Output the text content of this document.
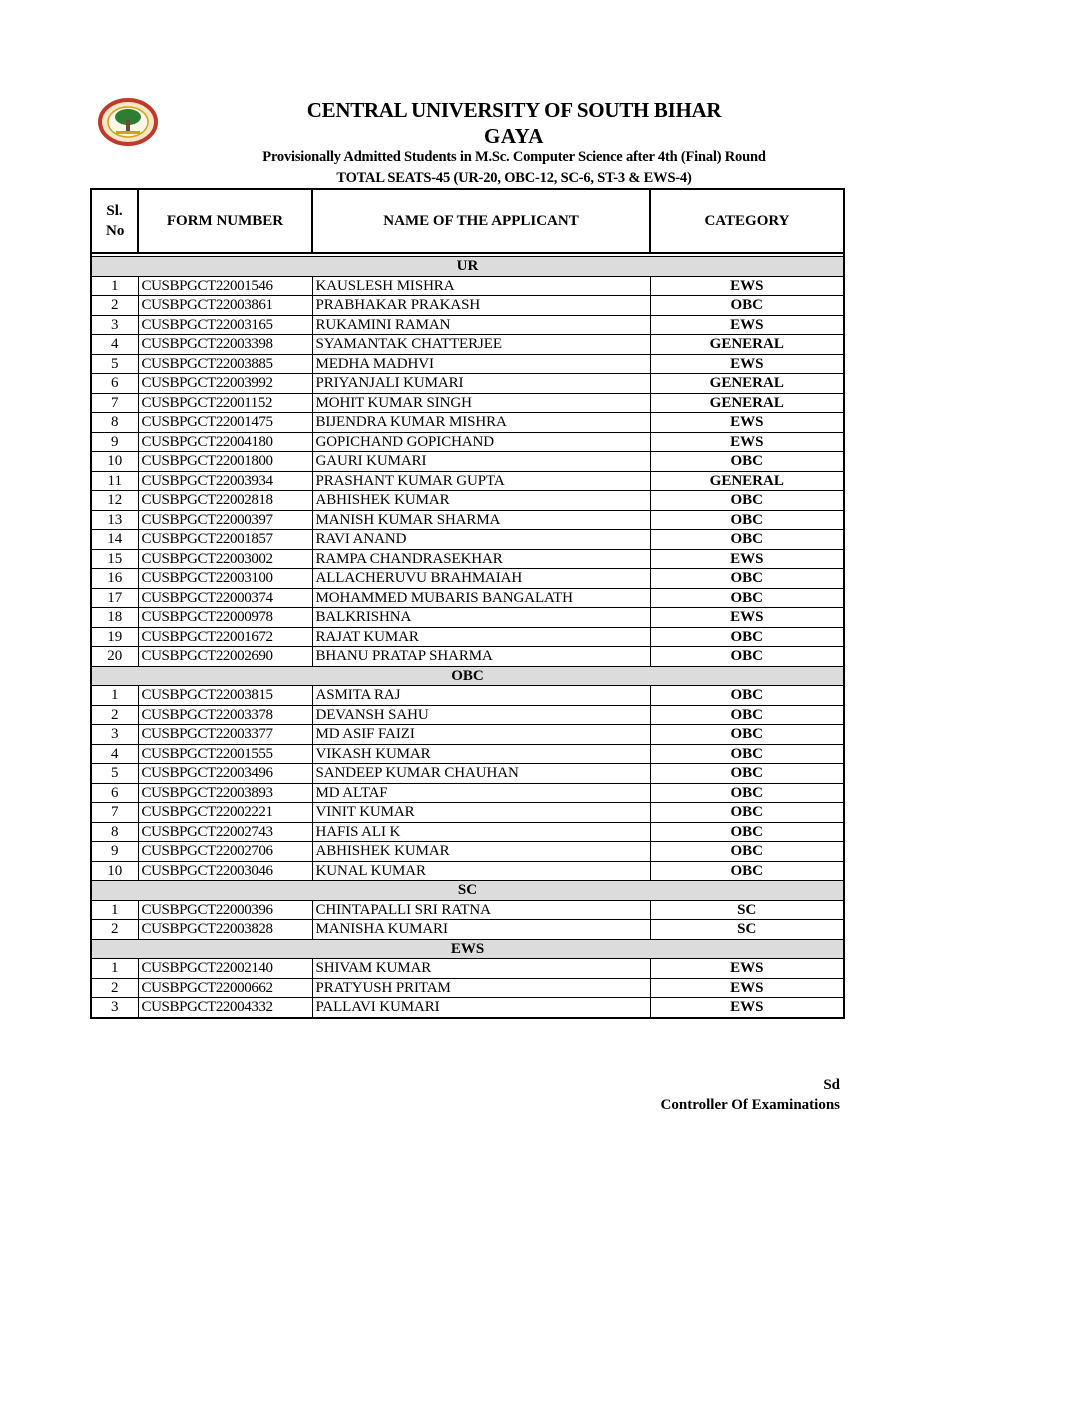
CENTRAL UNIVERSITY OF SOUTH BIHAR
GAYA
Provisionally Admitted Students in M.Sc. Computer Science after 4th (Final) Round
TOTAL SEATS-45 (UR-20, OBC-12, SC-6, ST-3 & EWS-4)
Sl. No	FORM NUMBER	NAME OF THE APPLICANT	CATEGORY

UR			
1	CUSBPGCT22001546	KAUSLESH MISHRA	EWS
2	CUSBPGCT22003861	PRABHAKAR PRAKASH	OBC
3	CUSBPGCT22003165	RUKAMINI RAMAN	EWS
4	CUSBPGCT22003398	SYAMANTAK CHATTERJEE	GENERAL
5	CUSBPGCT22003885	MEDHA MADHVI	EWS
6	CUSBPGCT22003992	PRIYANJALI KUMARI	GENERAL
7	CUSBPGCT22001152	MOHIT KUMAR SINGH	GENERAL
8	CUSBPGCT22001475	BIJENDRA KUMAR MISHRA	EWS
9	CUSBPGCT22004180	GOPICHAND GOPICHAND	EWS
10	CUSBPGCT22001800	GAURI KUMARI	OBC
11	CUSBPGCT22003934	PRASHANT KUMAR GUPTA	GENERAL
12	CUSBPGCT22002818	ABHISHEK KUMAR	OBC
13	CUSBPGCT22000397	MANISH KUMAR SHARMA	OBC
14	CUSBPGCT22001857	RAVI ANAND	OBC
15	CUSBPGCT22003002	RAMPA CHANDRASEKHAR	EWS
16	CUSBPGCT22003100	ALLACHERUVU BRAHMAIAH	OBC
17	CUSBPGCT22000374	MOHAMMED MUBARIS BANGALATH	OBC
18	CUSBPGCT22000978	BALKRISHNA	EWS
19	CUSBPGCT22001672	RAJAT KUMAR	OBC
20	CUSBPGCT22002690	BHANU PRATAP SHARMA	OBC
OBC			
1	CUSBPGCT22003815	ASMITA RAJ	OBC
2	CUSBPGCT22003378	DEVANSH SAHU	OBC
3	CUSBPGCT22003377	MD ASIF FAIZI	OBC
4	CUSBPGCT22001555	VIKASH KUMAR	OBC
5	CUSBPGCT22003496	SANDEEP KUMAR CHAUHAN	OBC
6	CUSBPGCT22003893	MD ALTAF	OBC
7	CUSBPGCT22002221	VINIT KUMAR	OBC
8	CUSBPGCT22002743	HAFIS ALI K	OBC
9	CUSBPGCT22002706	ABHISHEK KUMAR	OBC
10	CUSBPGCT22003046	KUNAL KUMAR	OBC
SC			
1	CUSBPGCT22000396	CHINTAPALLI SRI RATNA	SC
2	CUSBPGCT22003828	MANISHA KUMARI	SC
EWS			
1	CUSBPGCT22002140	SHIVAM KUMAR	EWS
2	CUSBPGCT22000662	PRATYUSH PRITAM	EWS
3	CUSBPGCT22004332	PALLAVI KUMARI	EWS
Sd
Controller Of Examinations
